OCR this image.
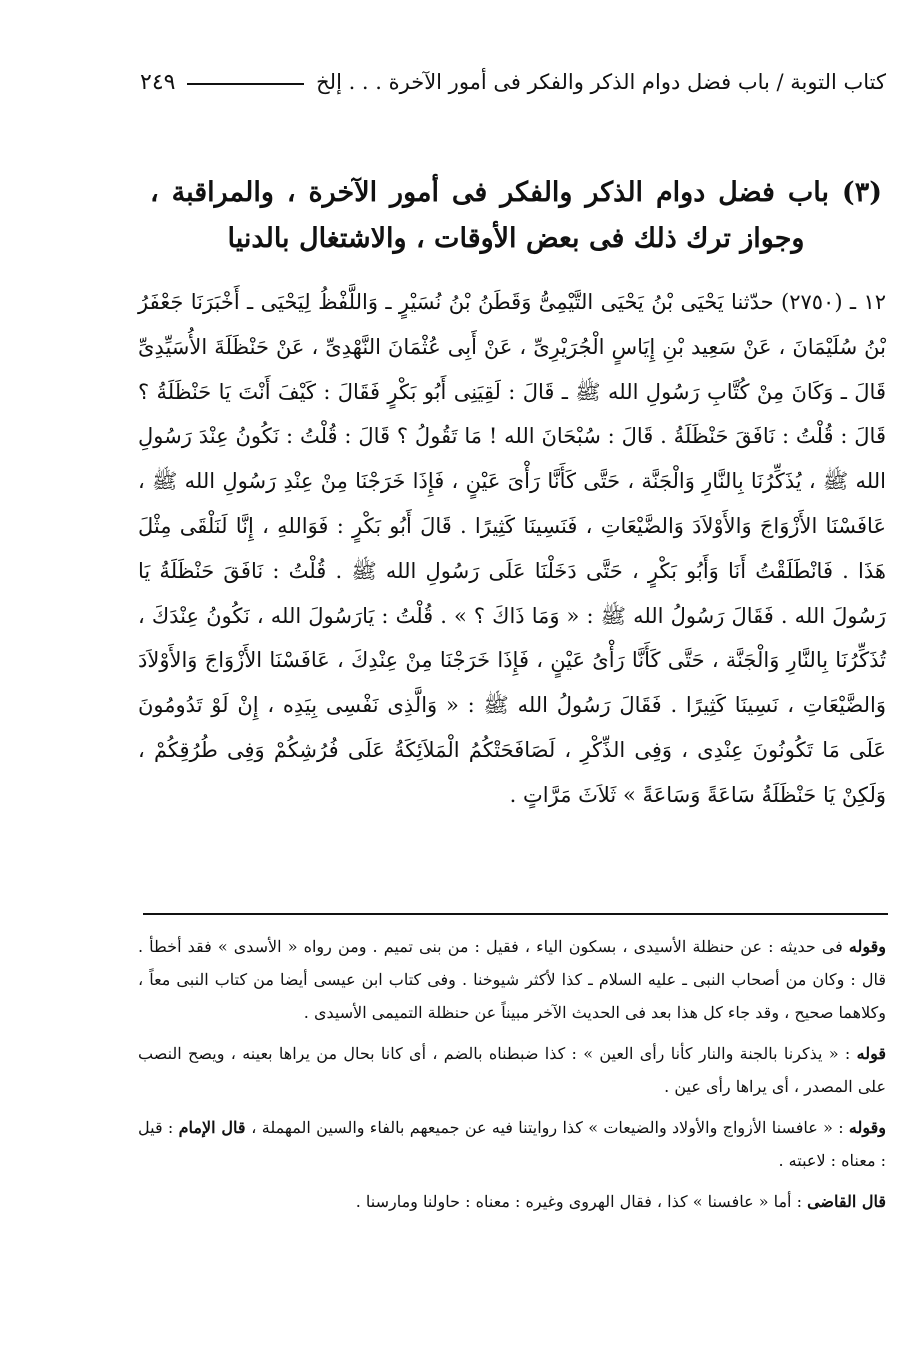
كتاب التوبة / باب فضل دوام الذكر والفكر فى أمور الآخرة . . . إلخ
٢٤٩
(٣) باب فضل دوام الذكر والفكر فى أمور الآخرة ، والمراقبة ، وجواز ترك ذلك فى بعض الأوقات ، والاشتغال بالدنيا

١٢ ـ (٢٧٥٠) حدّثنا يَحْيَى بْنُ يَحْيَى التَّيْمِىُّ وَقَطَنُ بْنُ نُسَيْرٍ ـ وَاللَّفْظُ لِيَحْيَى ـ أَخْبَرَنَا جَعْفَرُ بْنُ سُلَيْمَانَ ، عَنْ سَعِيد بْنِ إِيَاسٍ الْجُرَيْرِىِّ ، عَنْ أَبِى عُثْمَانَ النَّهْدِىِّ ، عَنْ حَنْظَلَةَ الأُسَيِّدِىِّ قَالَ ـ وَكَانَ مِنْ كُتَّابِ رَسُولِ الله ﷺ ـ قَالَ : لَقِيَنِى أَبُو بَكْرٍ فَقَالَ : كَيْفَ أَنْتَ يَا حَنْظَلَةُ ؟ قَالَ : قُلْتُ : نَافَقَ حَنْظَلَةُ . قَالَ : سُبْحَانَ الله ! مَا تَقُولُ ؟ قَالَ : قُلْتُ : نَكُونُ عِنْدَ رَسُولِ الله ﷺ ، يُذَكِّرُنَا بِالنَّارِ وَالْجَنَّة ، حَتَّى كَأَنَّا رَأْىَ عَيْنٍ ، فَإِذَا خَرَجْنَا مِنْ عِنْدِ رَسُولِ الله ﷺ ، عَافَسْنَا الأَزْوَاجَ وَالأَوْلاَدَ وَالضَّيْعَاتِ ، فَنَسِينَا كَثِيرًا . قَالَ أَبُو بَكْرٍ : فَوَاللهِ ، إِنَّا لَنَلْقَى مِثْلَ هَذَا . فَانْطَلَقْتُ أَنَا وَأَبُو بَكْرٍ ، حَتَّى دَخَلْنَا عَلَى رَسُولِ الله ﷺ . قُلْتُ : نَافَقَ حَنْظَلَةُ يَا رَسُولَ الله . فَقَالَ رَسُولُ الله ﷺ : « وَمَا ذَاكَ ؟ » . قُلْتُ : يَارَسُولَ الله ، نَكُونُ عِنْدَكَ ، تُذَكِّرُنَا بِالنَّارِ وَالْجَنَّة ، حَتَّى كَأَنَّا رَأْىُ عَيْنٍ ، فَإِذَا خَرَجْنَا مِنْ عِنْدِكَ ، عَافَسْنَا الأَزْوَاجَ وَالأَوْلاَدَ وَالضَّيْعَاتِ ، نَسِينَا كَثِيرًا . فَقَالَ رَسُولُ الله ﷺ : « وَالَّذِى نَفْسِى بِيَدِه ، إِنْ لَوْ تَدُومُونَ عَلَى مَا تَكُونُونَ عِنْدِى ، وَفِى الذِّكْرِ ، لَصَافَحَتْكُمُ الْمَلاَئِكَةُ عَلَى فُرُشِكُمْ وَفِى طُرُقِكُمْ ، وَلَكِنْ يَا حَنْظَلَةُ سَاعَةً وَسَاعَةً » ثَلاَثَ مَرَّاتٍ .

وقوله فى حديثه : عن حنظلة الأسيدى ، بسكون الياء ، فقيل : من بنى تميم . ومن رواه « الأسدى » فقد أخطأ . قال : وكان من أصحاب النبى ـ عليه السلام ـ كذا لأكثر شيوخنا . وفى كتاب ابن عيسى أيضا من كتاب النبى معاً ، وكلاهما صحيح ، وقد جاء كل هذا بعد فى الحديث الآخر مبيناً عن حنظلة التميمى الأسيدى .

قوله : « يذكرنا بالجنة والنار كأنا رأى العين » : كذا ضبطناه بالضم ، أى كانا بحال من يراها بعينه ، ويصح النصب على المصدر ، أى يراها رأى عين .

وقوله : « عافسنا الأزواج والأولاد والضيعات » كذا روايتنا فيه عن جميعهم بالفاء والسين المهملة ، قال الإمام : قيل : معناه : لاعبته .

قال القاضى : أما « عافسنا » كذا ، فقال الهروى وغيره : معناه : حاولنا ومارسنا .
